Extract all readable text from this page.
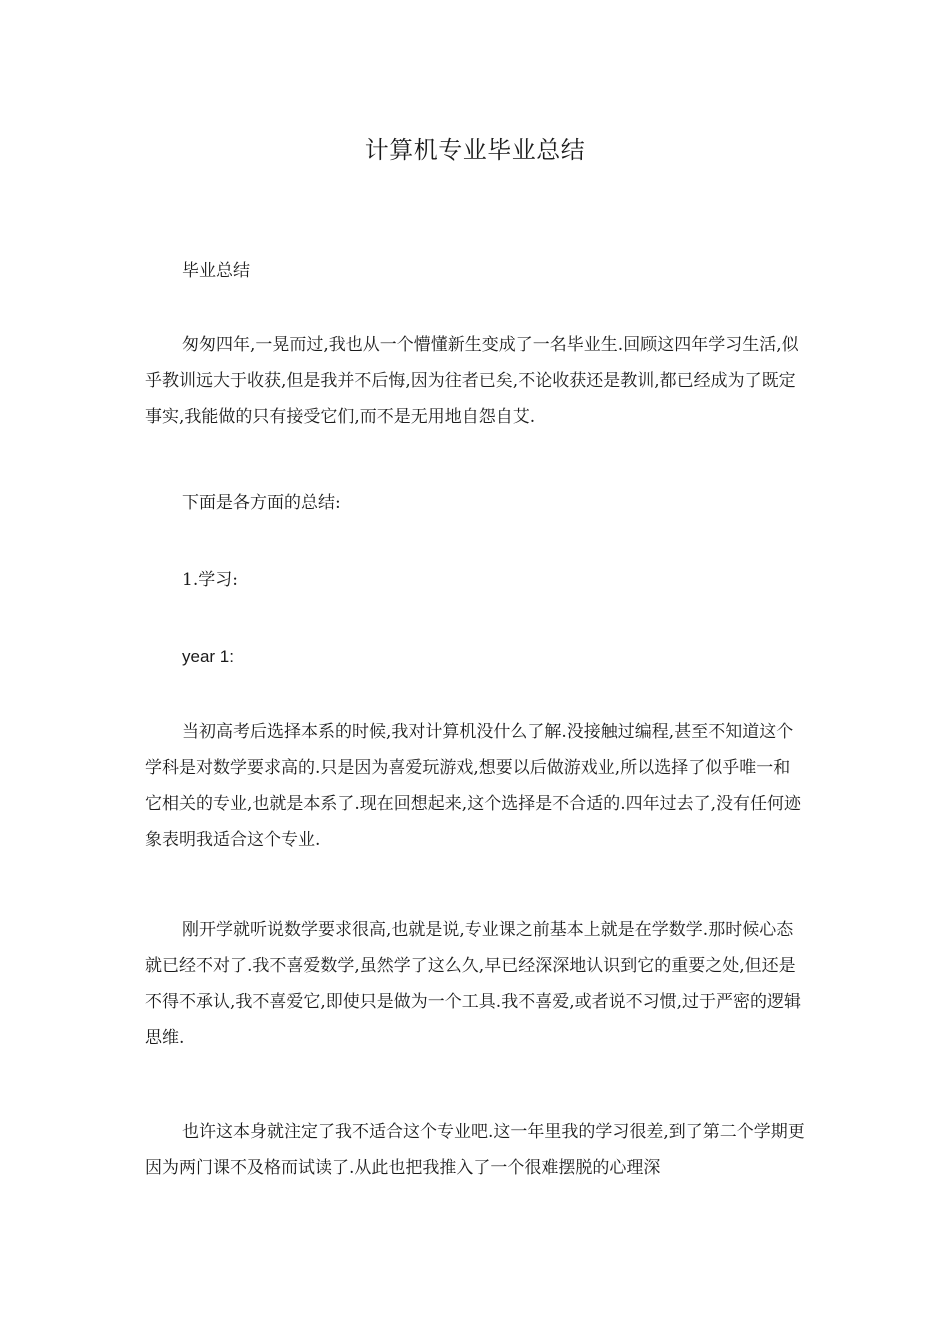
计算机专业毕业总结

毕业总结

匆匆四年,一晃而过,我也从一个懵懂新生变成了一名毕业生.回顾这四年学习生活,似乎教训远大于收获,但是我并不后悔,因为往者已矣,不论收获还是教训,都已经成为了既定事实,我能做的只有接受它们,而不是无用地自怨自艾.

下面是各方面的总结:

1.学习:

year 1:

当初高考后选择本系的时候,我对计算机没什么了解.没接触过编程,甚至不知道这个学科是对数学要求高的.只是因为喜爱玩游戏,想要以后做游戏业,所以选择了似乎唯一和它相关的专业,也就是本系了.现在回想起来,这个选择是不合适的.四年过去了,没有任何迹象表明我适合这个专业.

刚开学就听说数学要求很高,也就是说,专业课之前基本上就是在学数学.那时候心态就已经不对了.我不喜爱数学,虽然学了这么久,早已经深深地认识到它的重要之处,但还是不得不承认,我不喜爱它,即使只是做为一个工具.我不喜爱,或者说不习惯,过于严密的逻辑思维.

也许这本身就注定了我不适合这个专业吧.这一年里我的学习很差,到了第二个学期更因为两门课不及格而试读了.从此也把我推入了一个很难摆脱的心理深
